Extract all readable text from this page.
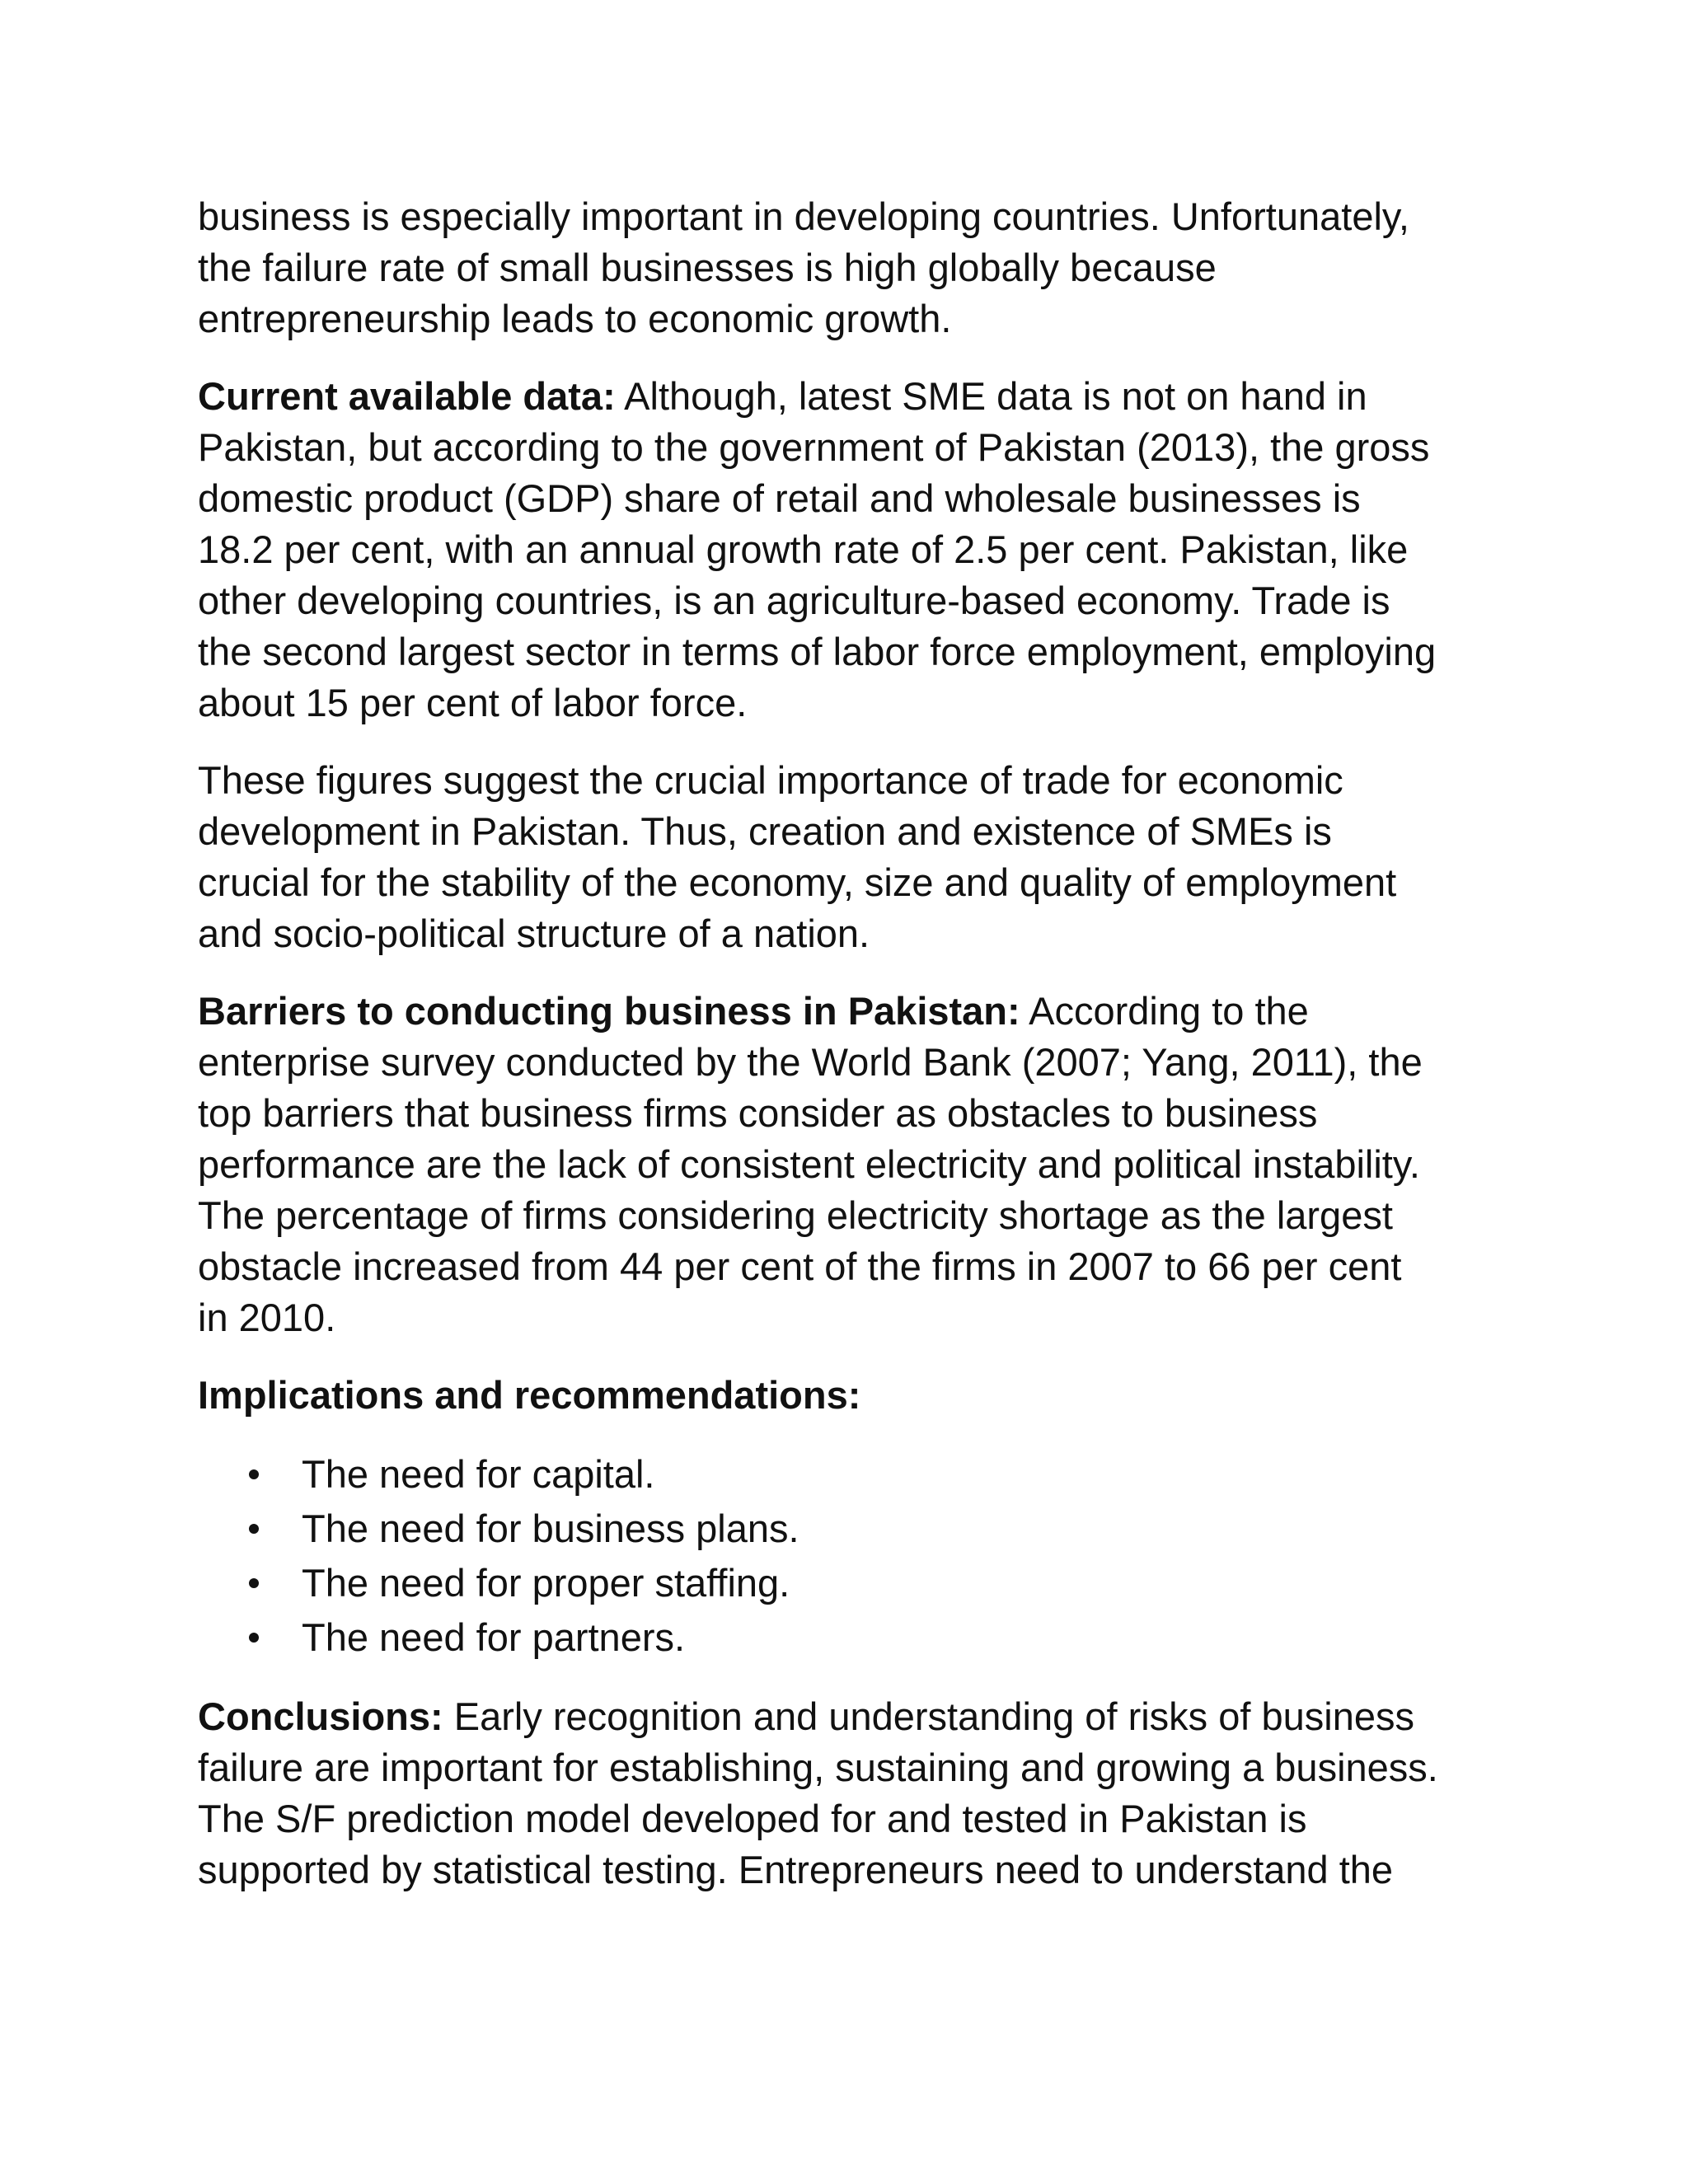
business is especially important in developing countries. Unfortunately,
the failure rate of small businesses is high globally because
entrepreneurship leads to economic growth.

Current available data: Although, latest SME data is not on hand in
Pakistan, but according to the government of Pakistan (2013), the gross
domestic product (GDP) share of retail and wholesale businesses is
18.2 per cent, with an annual growth rate of 2.5 per cent. Pakistan, like
other developing countries, is an agriculture-based economy. Trade is
the second largest sector in terms of labor force employment, employing
about 15 per cent of labor force.

These figures suggest the crucial importance of trade for economic
development in Pakistan. Thus, creation and existence of SMEs is
crucial for the stability of the economy, size and quality of employment
and socio-political structure of a nation.

Barriers to conducting business in Pakistan: According to the
enterprise survey conducted by the World Bank (2007; Yang, 2011), the
top barriers that business firms consider as obstacles to business
performance are the lack of consistent electricity and political instability.
The percentage of firms considering electricity shortage as the largest
obstacle increased from 44 per cent of the firms in 2007 to 66 per cent
in 2010.

Implications and recommendations:

The need for capital.
The need for business plans.
The need for proper staffing.
The need for partners.

Conclusions: Early recognition and understanding of risks of business
failure are important for establishing, sustaining and growing a business.
The S/F prediction model developed for and tested in Pakistan is
supported by statistical testing. Entrepreneurs need to understand the
